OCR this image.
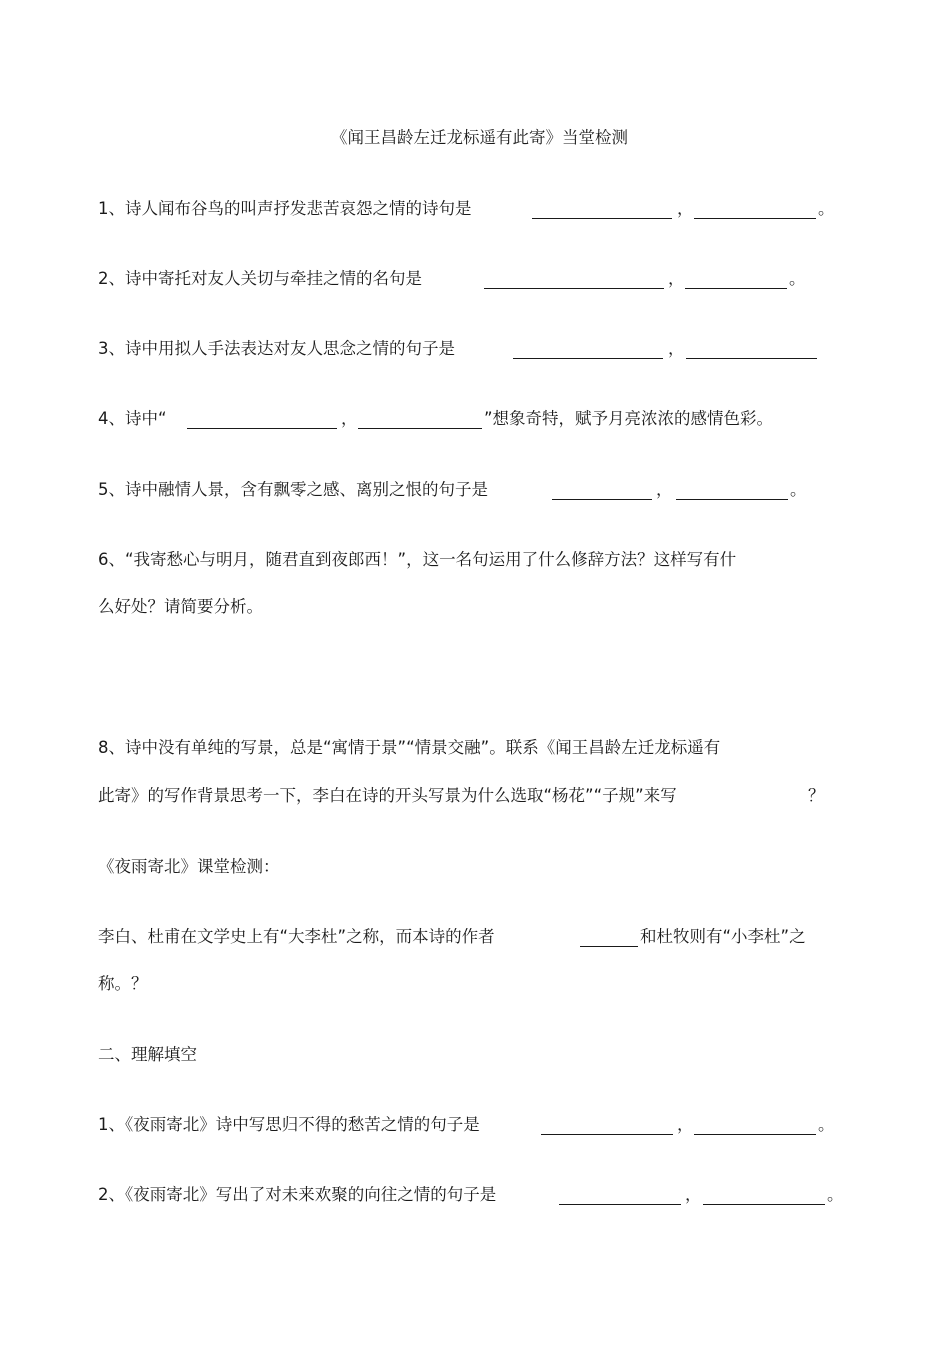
《闻王昌龄左迁龙标遥有此寄》当堂检测
1、诗人闻布谷鸟的叫声抒发悲苦哀怨之情的诗句是	，	。
2、诗中寄托对友人关切与牵挂之情的名句是	，	。
3、诗中用拟人手法表达对友人思念之情的句子是	，
4、诗中“	，	”想象奇特，赋予月亮浓浓的感情色彩。
5、诗中融情人景，含有飘零之感、离别之恨的句子是	，	。
6、“我寄愁心与明月，随君直到夜郎西！”，这一名句运用了什么修辞方法？这样写有什
么好处？请简要分析。
8、诗中没有单纯的写景，总是“寓情于景”“情景交融”。联系《闻王昌龄左迁龙标遥有
此寄》的写作背景思考一下，李白在诗的开头写景为什么选取“杨花”“子规”来写	？
《夜雨寄北》课堂检测：
李白、杜甫在文学史上有“大李杜”之称，而本诗的作者	和杜牧则有“小李杜”之
称。？
二、理解填空
1、《夜雨寄北》诗中写思归不得的愁苦之情的句子是	，	。
2、《夜雨寄北》写出了对未来欢聚的向往之情的句子是	，	。
